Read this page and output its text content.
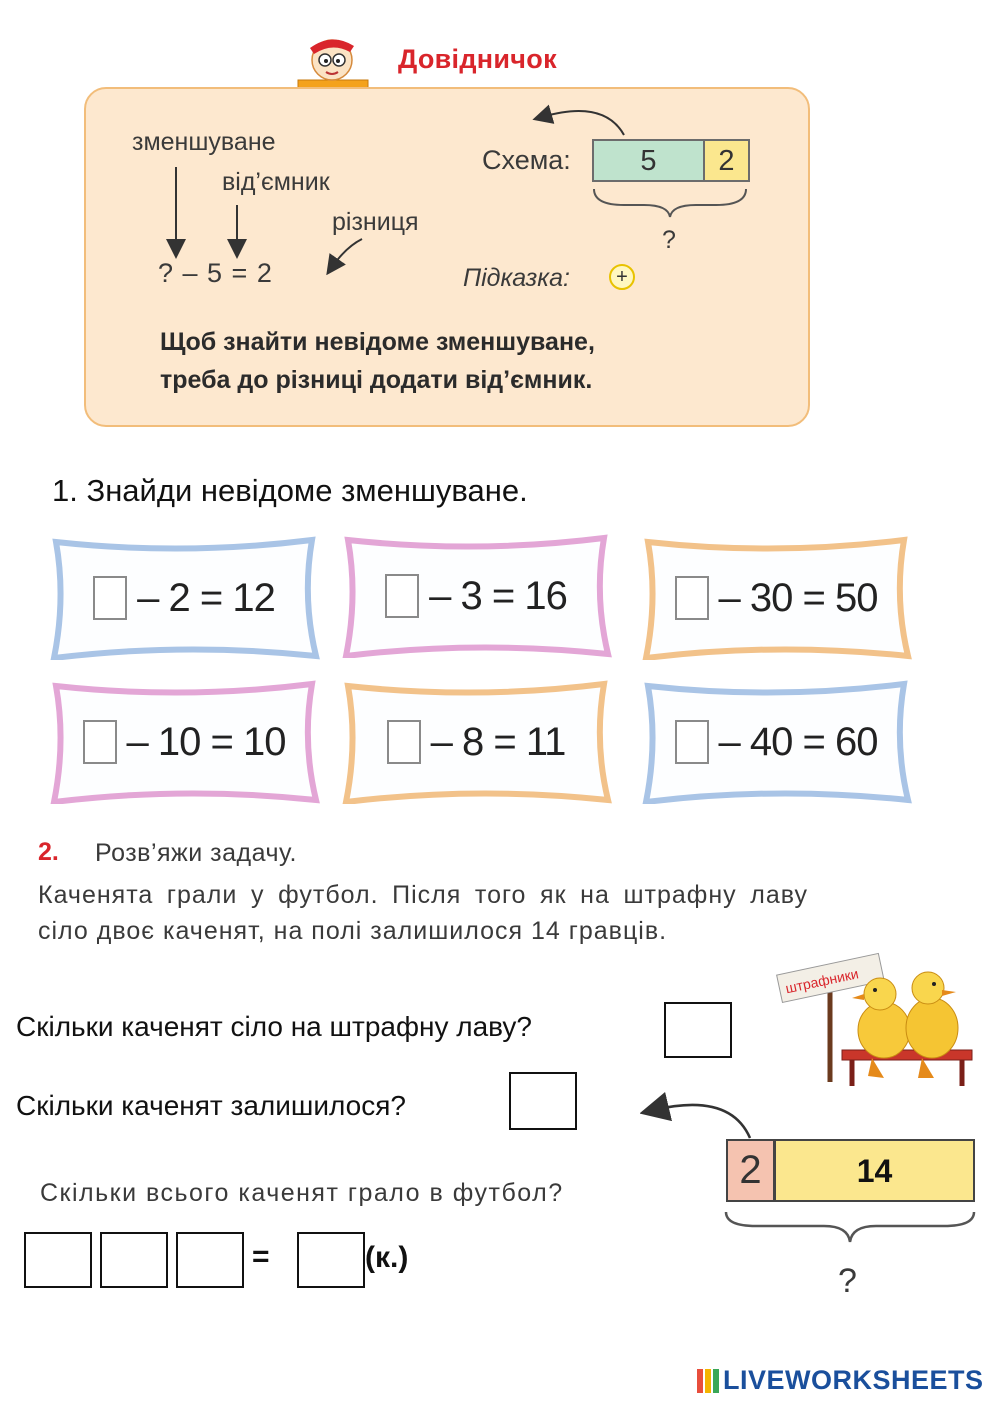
Довідничок
зменшуване
від’ємник
різниця
? – 5 = 2
Схема:	5	2
?
Підказка:	+
Щоб знайти невідоме зменшуване,
треба до різниці додати від’ємник.
1. Знайди невідоме зменшуване.
– 2 = 12	– 3 = 16	– 30 = 50
– 10 = 10	– 8 = 11	– 40 = 60
2. Розв’яжи задачу.
Каченята грали у футбол. Після того як на штрафну лаву сіло двоє каченят, на полі залишилося 14 гравців.
Скільки каченят сіло на штрафну лаву?
Скільки каченят залишилося?
Скільки всього каченят грало в футбол?
=	(к.)
2	14
?
штрафники
LIVEWORKSHEETS
